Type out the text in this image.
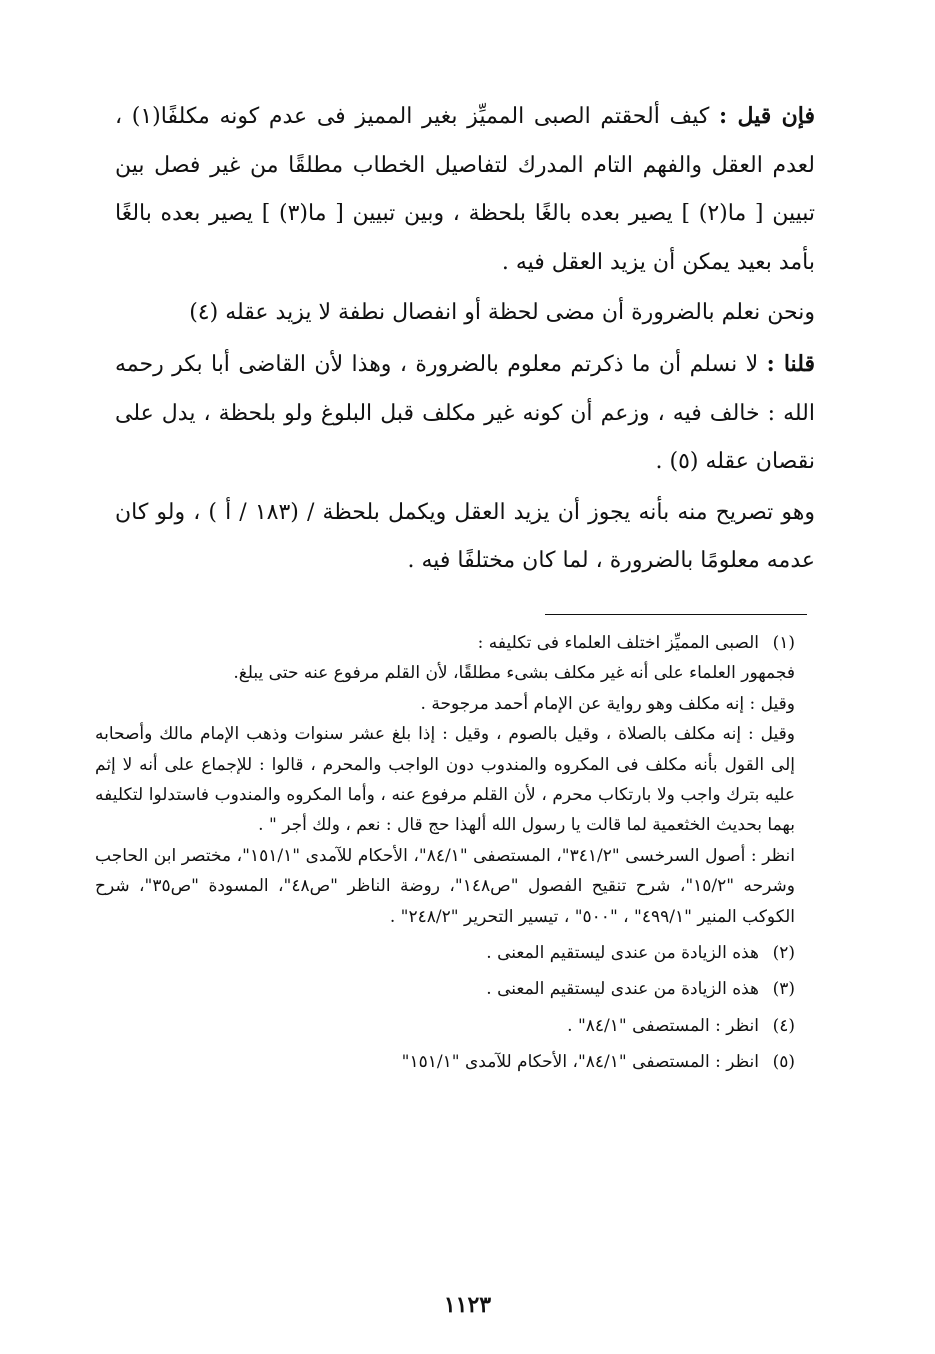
فإن قيل : كيف ألحقتم الصبى المميِّز بغير المميز فى عدم كونه مكلفًا(١) ، لعدم العقل والفهم التام المدرك لتفاصيل الخطاب مطلقًا من غير فصل بين تبيين [ ما(٢) ] يصير بعده بالغًا بلحظة ، وبين تبيين [ ما(٣) ] يصير بعده بالغًا بأمد بعيد يمكن أن يزيد العقل فيه .

ونحن نعلم بالضرورة أن مضى لحظة أو انفصال نطفة لا يزيد عقله (٤)

قلنا : لا نسلم أن ما ذكرتم معلوم بالضرورة ، وهذا لأن القاضى أبا بكر رحمه الله : خالف فيه ، وزعم أن كونه غير مكلف قبل البلوغ ولو بلحظة ، يدل على نقصان عقله (٥) .

وهو تصريح منه بأنه يجوز أن يزيد العقل ويكمل بلحظة / (١٨٣ / أ ) ، ولو كان عدمه معلومًا بالضرورة ، لما كان مختلفًا فيه .

(١)الصبى المميِّز اختلف العلماء فى تكليفه :
فجمهور العلماء على أنه غير مكلف بشىء مطلقًا، لأن القلم مرفوع عنه حتى يبلغ.
وقيل : إنه مكلف وهو رواية عن الإمام أحمد مرجوحة .
وقيل : إنه مكلف بالصلاة ، وقيل بالصوم ، وقيل : إذا بلغ عشر سنوات وذهب الإمام مالك وأصحابه إلى القول بأنه مكلف فى المكروه والمندوب دون الواجب والمحرم ، قالوا : للإجماع على أنه لا إثم عليه بترك واجب ولا بارتكاب محرم ، لأن القلم مرفوع عنه ، وأما المكروه والمندوب فاستدلوا لتكليفه بهما بحديث الخثعمية لما قالت يا رسول الله ألهذا حج قال : نعم ، ولك أجر " .
انظر : أصول السرخسى "٣٤١/٢"، المستصفى "٨٤/١"، الأحكام للآمدى "١٥١/١"، مختصر ابن الحاجب وشرحه "١٥/٢"، شرح تنقيح الفصول "ص١٤٨"، روضة الناظر "ص٤٨"، المسودة "ص٣٥"، شرح الكوكب المنير "٤٩٩/١" ، "٥٠٠" ، تيسير التحرير "٢٤٨/٢" .
(٢)هذه الزيادة من عندى ليستقيم المعنى .
(٣)هذه الزيادة من عندى ليستقيم المعنى .
(٤)انظر : المستصفى "٨٤/١" .
(٥)انظر : المستصفى "٨٤/١"، الأحكام للآمدى "١٥١/١"
١١٢٣
